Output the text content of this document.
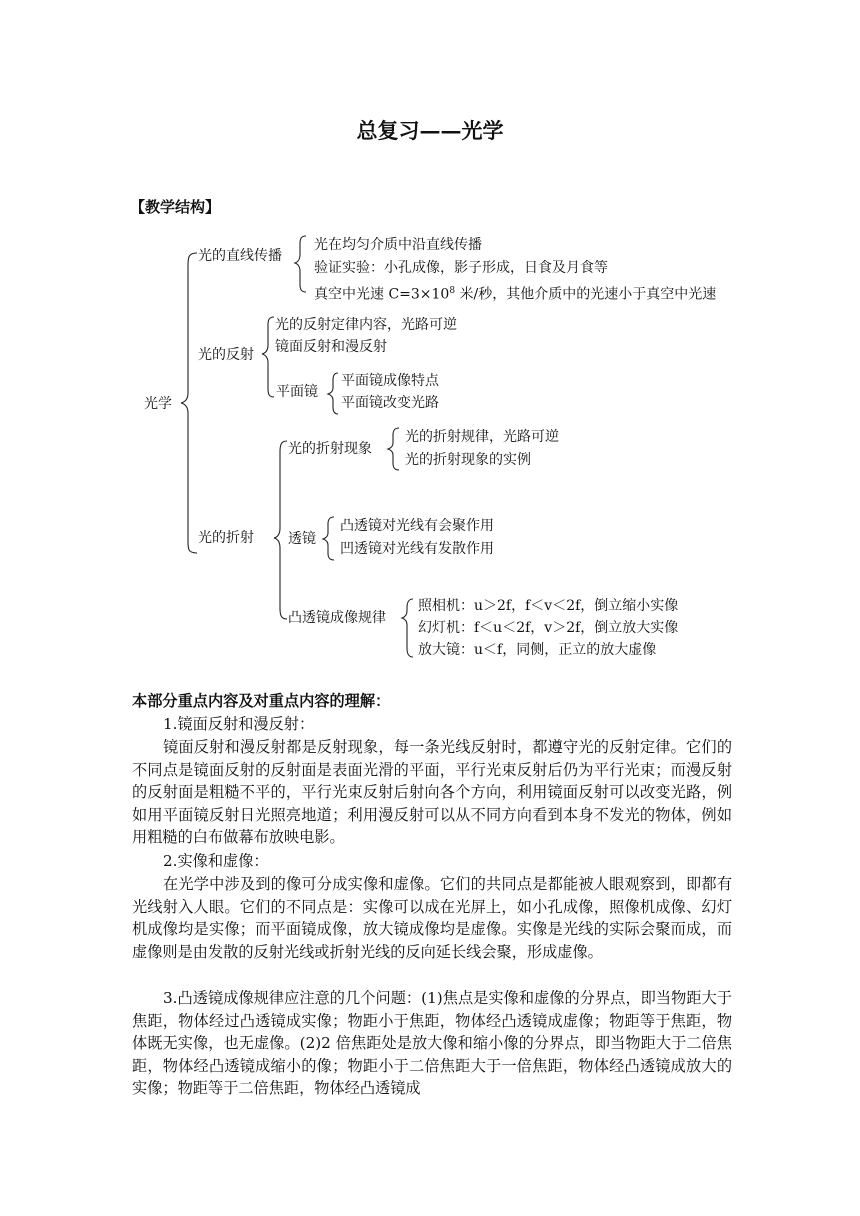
总复习——光学
【教学结构】
光学
光的直线传播
光在均匀介质中沿直线传播
验证实验：小孔成像，影子形成，日食及月食等
真空中光速 $C=3\times 10^8$ 米/秒，其他介质中的光速小于真空中光速
光的反射
光的反射定律内容，光路可逆
镜面反射和漫反射
平面镜
平面镜成像特点
平面镜改变光路
光的折射
光的折射现象
光的折射规律，光路可逆
光的折射现象的实例
透镜
凸透镜对光线有会聚作用
凹透镜对光线有发散作用
凸透镜成像规律
照相机：u＞2f，f＜v＜2f，倒立缩小实像
幻灯机：f＜u＜2f，v＞2f，倒立放大实像
放大镜：u＜f，同侧，正立的放大虚像
本部分重点内容及对重点内容的理解：
1.镜面反射和漫反射：
镜面反射和漫反射都是反射现象，每一条光线反射时，都遵守光的反射定律。它们的不同点是镜面反射的反射面是表面光滑的平面，平行光束反射后仍为平行光束；而漫反射的反射面是粗糙不平的，平行光束反射后射向各个方向，利用镜面反射可以改变光路，例如用平面镜反射日光照亮地道；利用漫反射可以从不同方向看到本身不发光的物体，例如用粗糙的白布做幕布放映电影。
2.实像和虚像：
在光学中涉及到的像可分成实像和虚像。它们的共同点是都能被人眼观察到，即都有光线射入人眼。它们的不同点是：实像可以成在光屏上，如小孔成像，照像机成像、幻灯机成像均是实像；而平面镜成像，放大镜成像均是虚像。实像是光线的实际会聚而成，而虚像则是由发散的反射光线或折射光线的反向延长线会聚，形成虚像。
3.凸透镜成像规律应注意的几个问题：(1)焦点是实像和虚像的分界点，即当物距大于焦距，物体经过凸透镜成实像；物距小于焦距，物体经凸透镜成虚像；物距等于焦距，物体既无实像，也无虚像。(2)2 倍焦距处是放大像和缩小像的分界点，即当物距大于二倍焦距，物体经凸透镜成缩小的像；物距小于二倍焦距大于一倍焦距，物体经凸透镜成放大的实像；物距等于二倍焦距，物体经凸透镜成
